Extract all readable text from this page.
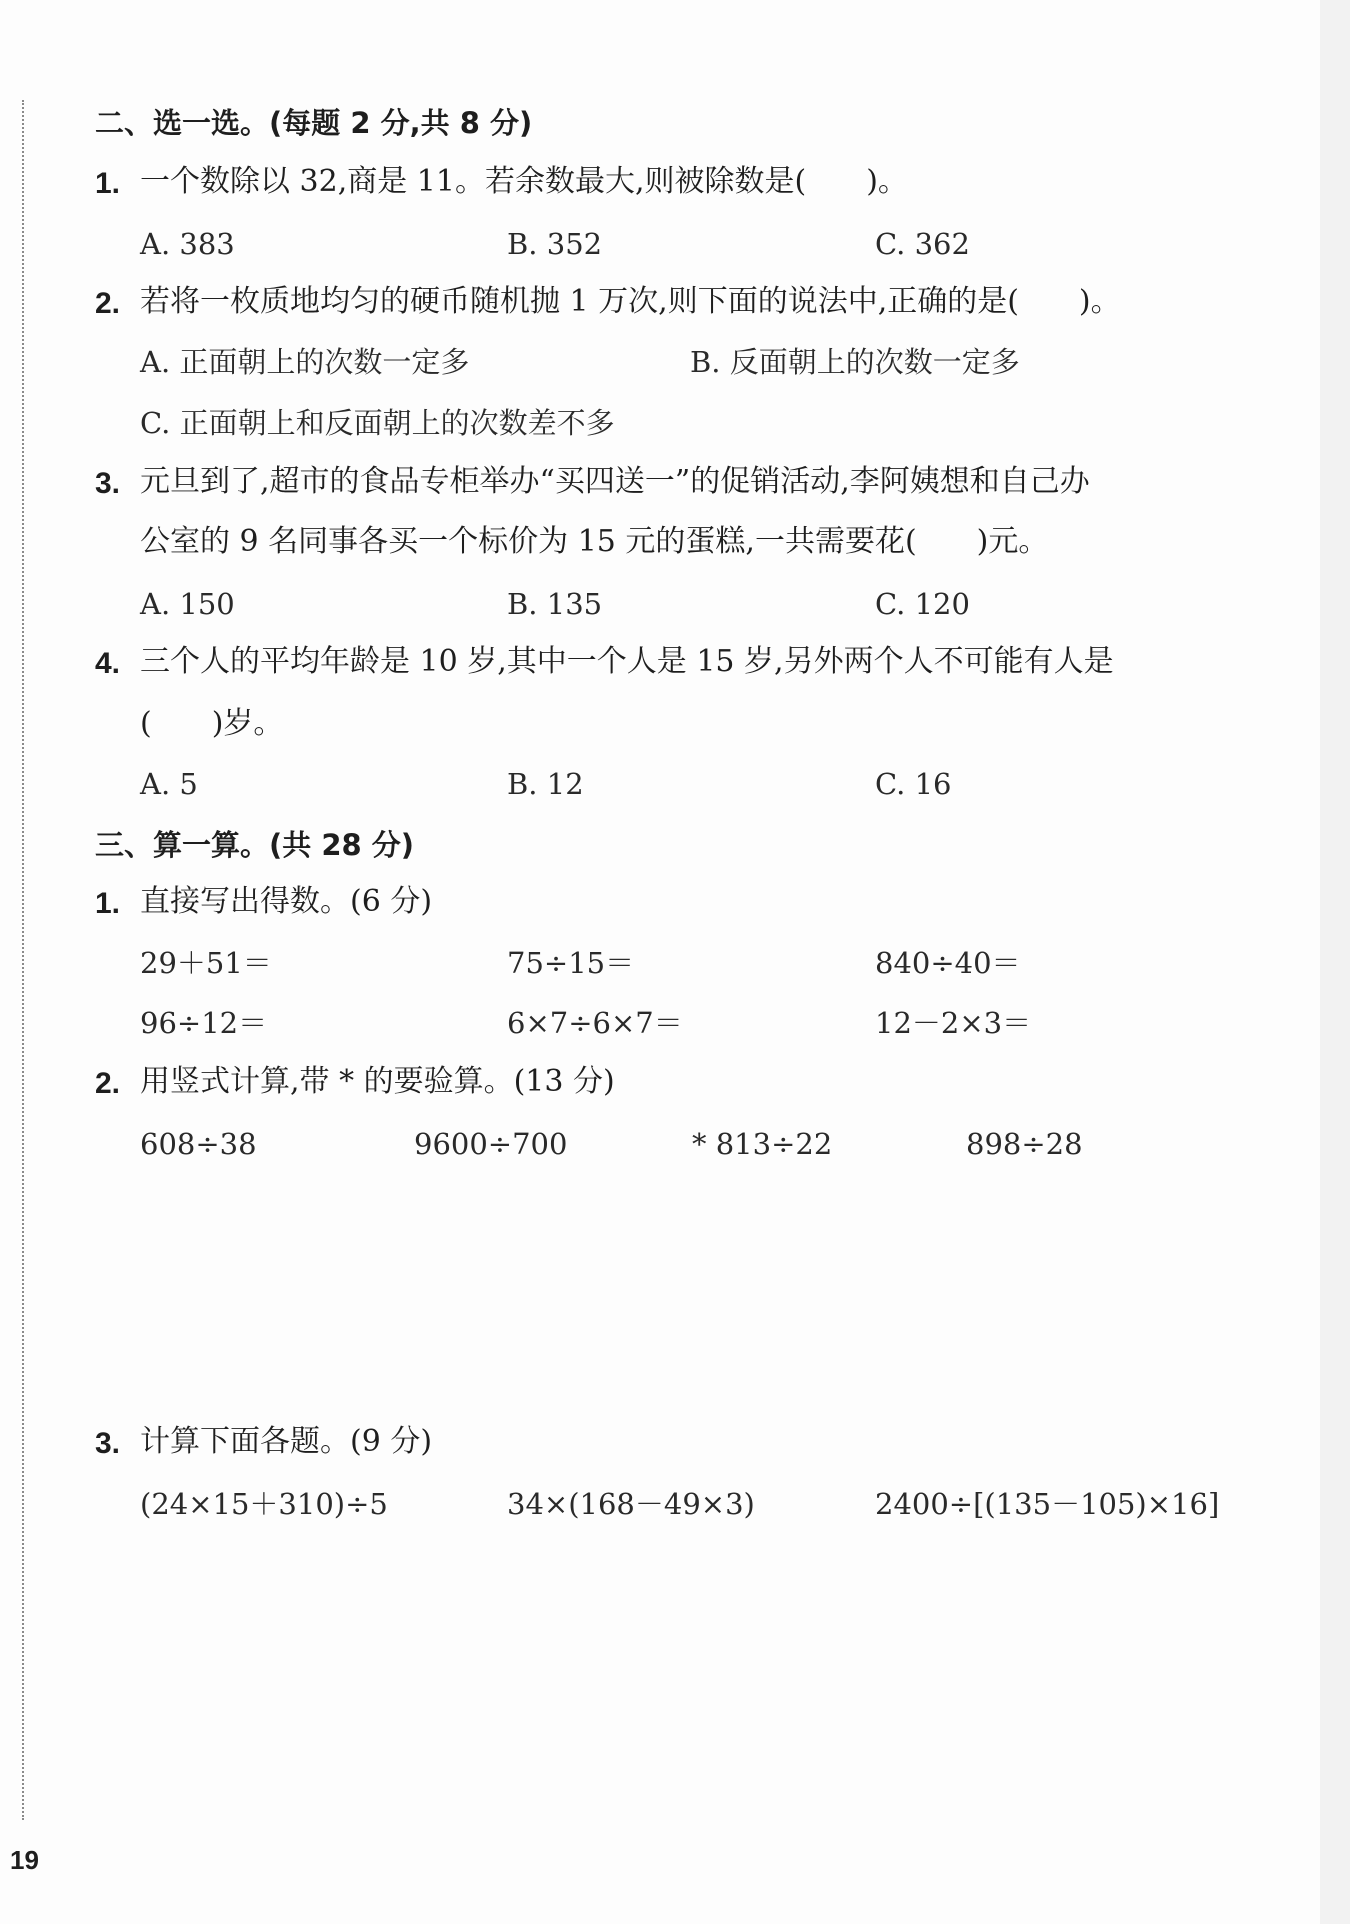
二、选一选。(每题 2 分,共 8 分)
1. 一个数除以 32,商是 11。若余数最大,则被除数是(　　)。
A. 383	B. 352	C. 362
2. 若将一枚质地均匀的硬币随机抛 1 万次,则下面的说法中,正确的是(　　)。
A. 正面朝上的次数一定多	B. 反面朝上的次数一定多
C. 正面朝上和反面朝上的次数差不多
3. 元旦到了,超市的食品专柜举办“买四送一”的促销活动,李阿姨想和自己办
公室的 9 名同事各买一个标价为 15 元的蛋糕,一共需要花(　　)元。
A. 150	B. 135	C. 120
4. 三个人的平均年龄是 10 岁,其中一个人是 15 岁,另外两个人不可能有人是
(　　)岁。
A. 5	B. 12	C. 16
三、算一算。(共 28 分)
1. 直接写出得数。(6 分)
29＋51＝	75÷15＝	840÷40＝
96÷12＝	6×7÷6×7＝	12－2×3＝
2. 用竖式计算,带 * 的要验算。(13 分)
608÷38	9600÷700	* 813÷22	898÷28
3. 计算下面各题。(9 分)
(24×15＋310)÷5	34×(168－49×3)	2400÷[(135－105)×16]
19
